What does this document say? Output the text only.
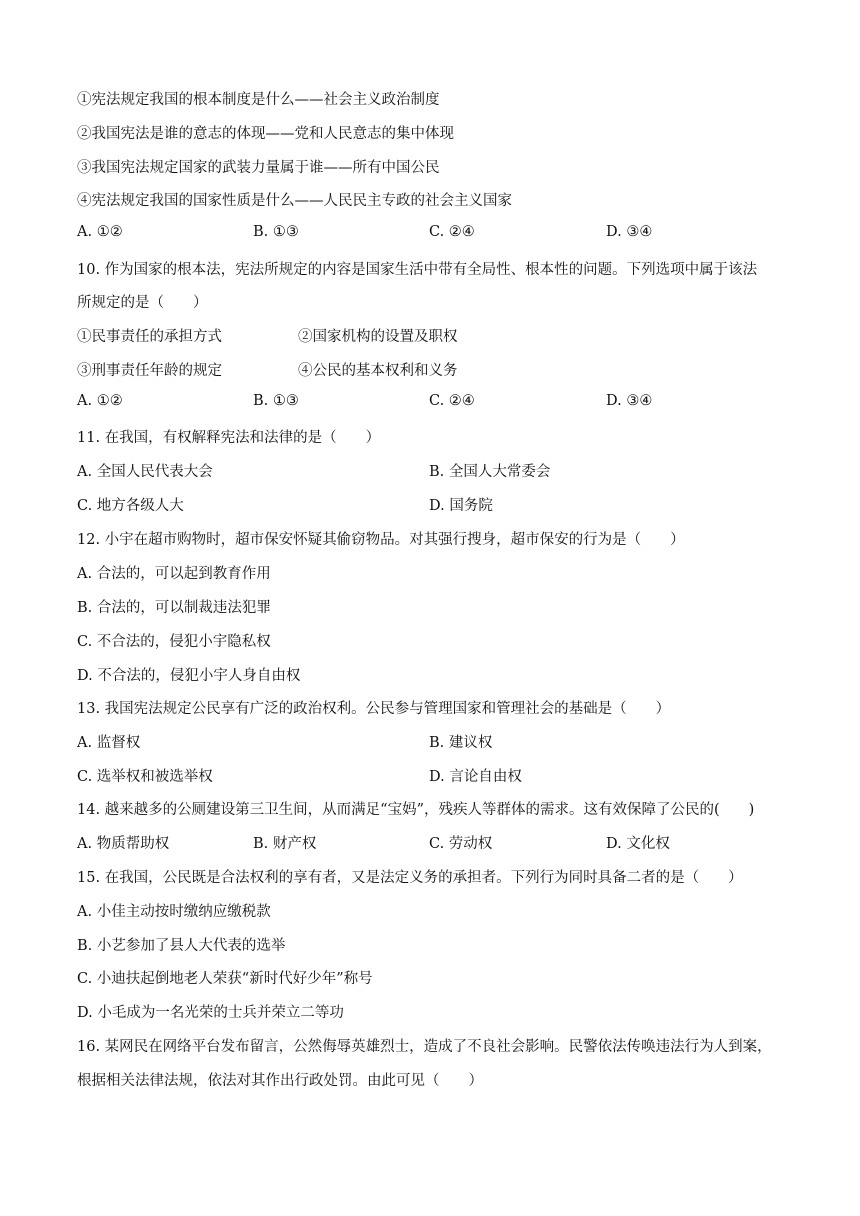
①宪法规定我国的根本制度是什么——社会主义政治制度
②我国宪法是谁的意志的体现——党和人民意志的集中体现
③我国宪法规定国家的武装力量属于谁——所有中国公民
④宪法规定我国的国家性质是什么——人民民主专政的社会主义国家
A. ①②	B. ①③	C. ②④	D. ③④
10. 作为国家的根本法，宪法所规定的内容是国家生活中带有全局性、根本性的问题。下列选项中属于该法
所规定的是（　　）
①民事责任的承担方式	②国家机构的设置及职权
③刑事责任年龄的规定	④公民的基本权利和义务
A. ①②	B. ①③	C. ②④	D. ③④
11. 在我国，有权解释宪法和法律的是（　　）
A. 全国人民代表大会	B. 全国人大常委会
C. 地方各级人大	D. 国务院
12. 小宇在超市购物时，超市保安怀疑其偷窃物品。对其强行搜身，超市保安的行为是（　　）
A. 合法的，可以起到教育作用
B. 合法的，可以制裁违法犯罪
C. 不合法的，侵犯小宇隐私权
D. 不合法的，侵犯小宇人身自由权
13. 我国宪法规定公民享有广泛的政治权利。公民参与管理国家和管理社会的基础是（　　）
A. 监督权	B. 建议权
C. 选举权和被选举权	D. 言论自由权
14. 越来越多的公厕建设第三卫生间，从而满足“宝妈”，残疾人等群体的需求。这有效保障了公民的(　　)
A. 物质帮助权	B. 财产权	C. 劳动权	D. 文化权
15. 在我国，公民既是合法权利的享有者，又是法定义务的承担者。下列行为同时具备二者的是（　　）
A. 小佳主动按时缴纳应缴税款
B. 小艺参加了县人大代表的选举
C. 小迪扶起倒地老人荣获“新时代好少年”称号
D. 小毛成为一名光荣的士兵并荣立二等功
16. 某网民在网络平台发布留言，公然侮辱英雄烈士，造成了不良社会影响。民警依法传唤违法行为人到案，
根据相关法律法规，依法对其作出行政处罚。由此可见（　　）
